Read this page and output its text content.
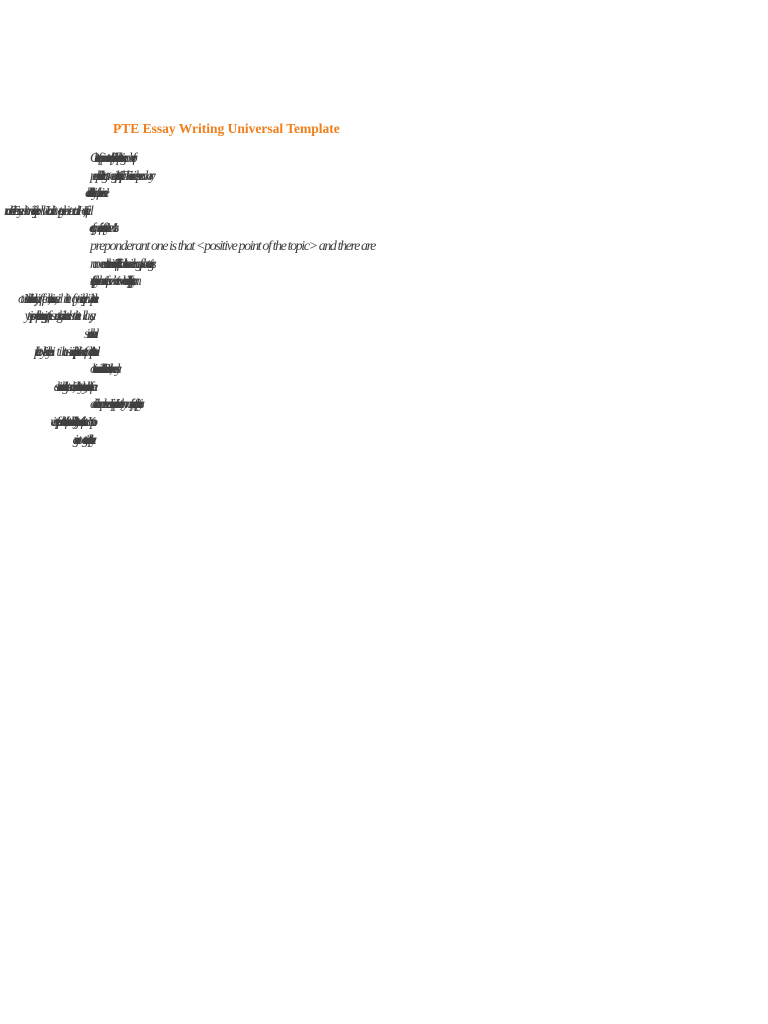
PTE Essay Writing Universal Template
One of the conspicuous trends of today’s world is a colossal upsurge in the number of
people believing that <negative point of the topic>. There is a widespread worry
that this will lead to a myriad of concerns in one’s
of arguments in favor of my stance. Most
preponderant one is that <positive point of the topic> and there are
numerous other benefits in various fields. Thanks to the wide range of advantages it
offers, not only one benefit more when it comes to being effective, but they can
one thrive and excel in varied areas. Besides, when only
dedication and perseverance. Hence, it is apparent why many are in favor of <positive key
